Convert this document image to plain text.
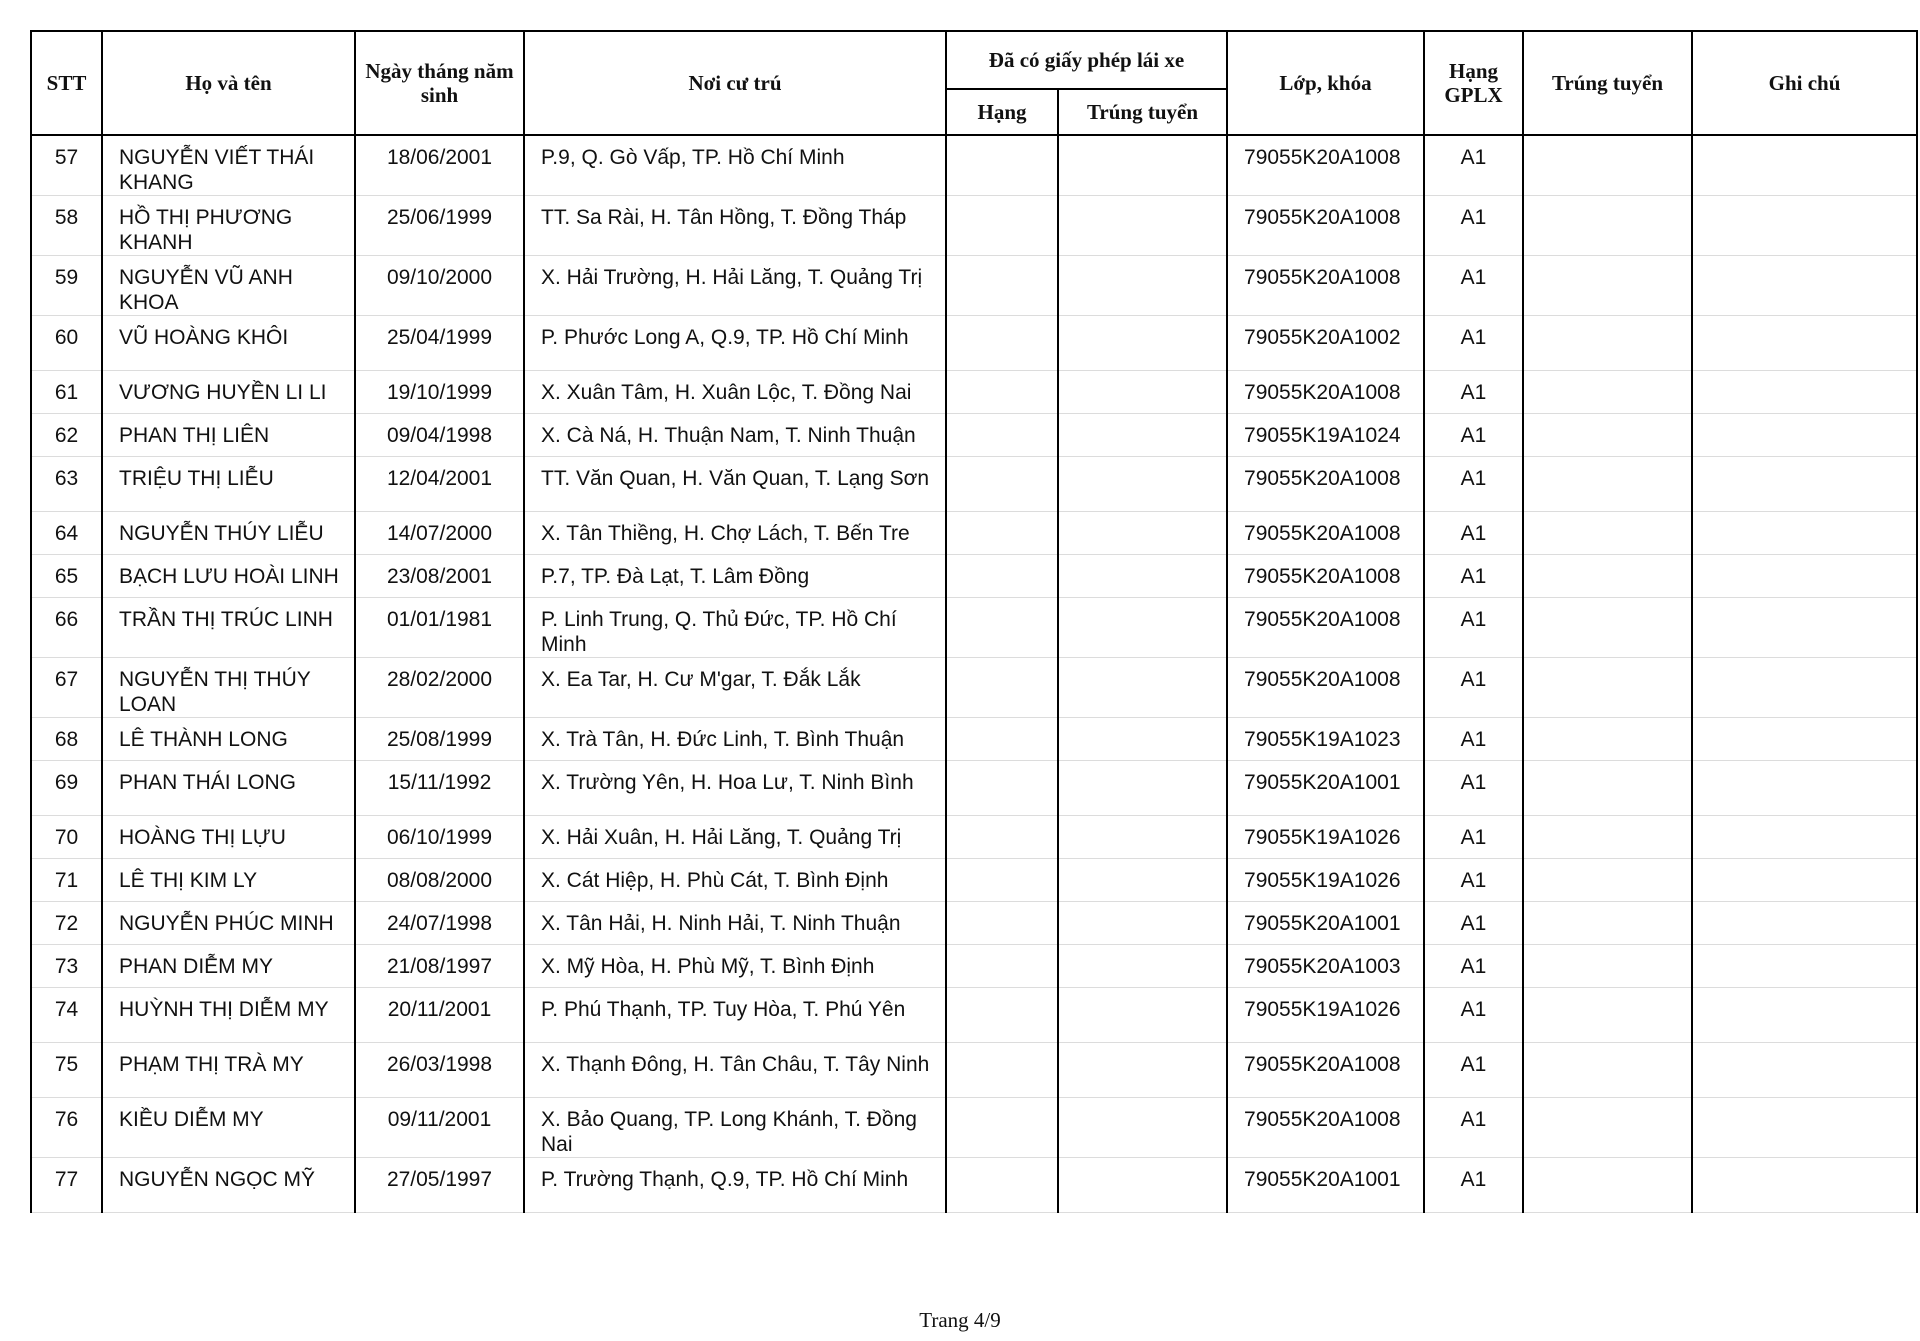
STT	Họ và tên	Ngày tháng năm sinh	Nơi cư trú	Đã có giấy phép lái xe		Lớp, khóa	Hạng GPLX	Trúng tuyển	Ghi chú
				Hạng	Trúng tuyển				
57	NGUYỄN VIẾT THÁI KHANG	18/06/2001	P.9, Q. Gò Vấp, TP. Hồ Chí Minh			79055K20A1008	A1		
58	HỒ THỊ PHƯƠNG KHANH	25/06/1999	TT. Sa Rài, H. Tân Hồng, T. Đồng Tháp			79055K20A1008	A1		
59	NGUYỄN VŨ ANH KHOA	09/10/2000	X. Hải Trường, H. Hải Lăng, T. Quảng Trị			79055K20A1008	A1		
60	VŨ HOÀNG KHÔI	25/04/1999	P. Phước Long A, Q.9, TP. Hồ Chí Minh			79055K20A1002	A1		
61	VƯƠNG HUYỀN LI LI	19/10/1999	X. Xuân Tâm, H. Xuân Lộc, T. Đồng Nai			79055K20A1008	A1		
62	PHAN THỊ LIÊN	09/04/1998	X. Cà Ná, H. Thuận Nam, T. Ninh Thuận			79055K19A1024	A1		
63	TRIỆU THỊ LIỄU	12/04/2001	TT. Văn Quan, H. Văn Quan, T. Lạng Sơn			79055K20A1008	A1		
64	NGUYỄN THÚY LIỄU	14/07/2000	X. Tân Thiềng, H. Chợ Lách, T. Bến Tre			79055K20A1008	A1		
65	BẠCH LƯU HOÀI LINH	23/08/2001	P.7, TP. Đà Lạt, T. Lâm Đồng			79055K20A1008	A1		
66	TRẦN THỊ TRÚC LINH	01/01/1981	P. Linh Trung, Q. Thủ Đức, TP. Hồ Chí Minh			79055K20A1008	A1		
67	NGUYỄN THỊ THÚY LOAN	28/02/2000	X. Ea Tar, H. Cư M'gar, T. Đắk Lắk			79055K20A1008	A1		
68	LÊ THÀNH LONG	25/08/1999	X. Trà Tân, H. Đức Linh, T. Bình Thuận			79055K19A1023	A1		
69	PHAN THÁI LONG	15/11/1992	X. Trường Yên, H. Hoa Lư, T. Ninh Bình			79055K20A1001	A1		
70	HOÀNG THỊ LỰU	06/10/1999	X. Hải Xuân, H. Hải Lăng, T. Quảng Trị			79055K19A1026	A1		
71	LÊ THỊ KIM LY	08/08/2000	X. Cát Hiệp, H. Phù Cát, T. Bình Định			79055K19A1026	A1		
72	NGUYỄN PHÚC MINH	24/07/1998	X. Tân Hải, H. Ninh Hải, T. Ninh Thuận			79055K20A1001	A1		
73	PHAN DIỄM MY	21/08/1997	X. Mỹ Hòa, H. Phù Mỹ, T. Bình Định			79055K20A1003	A1		
74	HUỲNH THỊ DIỄM MY	20/11/2001	P. Phú Thạnh, TP. Tuy Hòa, T. Phú Yên			79055K19A1026	A1		
75	PHẠM THỊ TRÀ MY	26/03/1998	X. Thạnh Đông, H. Tân Châu, T. Tây Ninh			79055K20A1008	A1		
76	KIỀU DIỄM MY	09/11/2001	X. Bảo Quang, TP. Long Khánh, T. Đồng Nai			79055K20A1008	A1		
77	NGUYỄN NGỌC MỸ	27/05/1997	P. Trường Thạnh, Q.9, TP. Hồ Chí Minh			79055K20A1001	A1		
Trang 4/9
